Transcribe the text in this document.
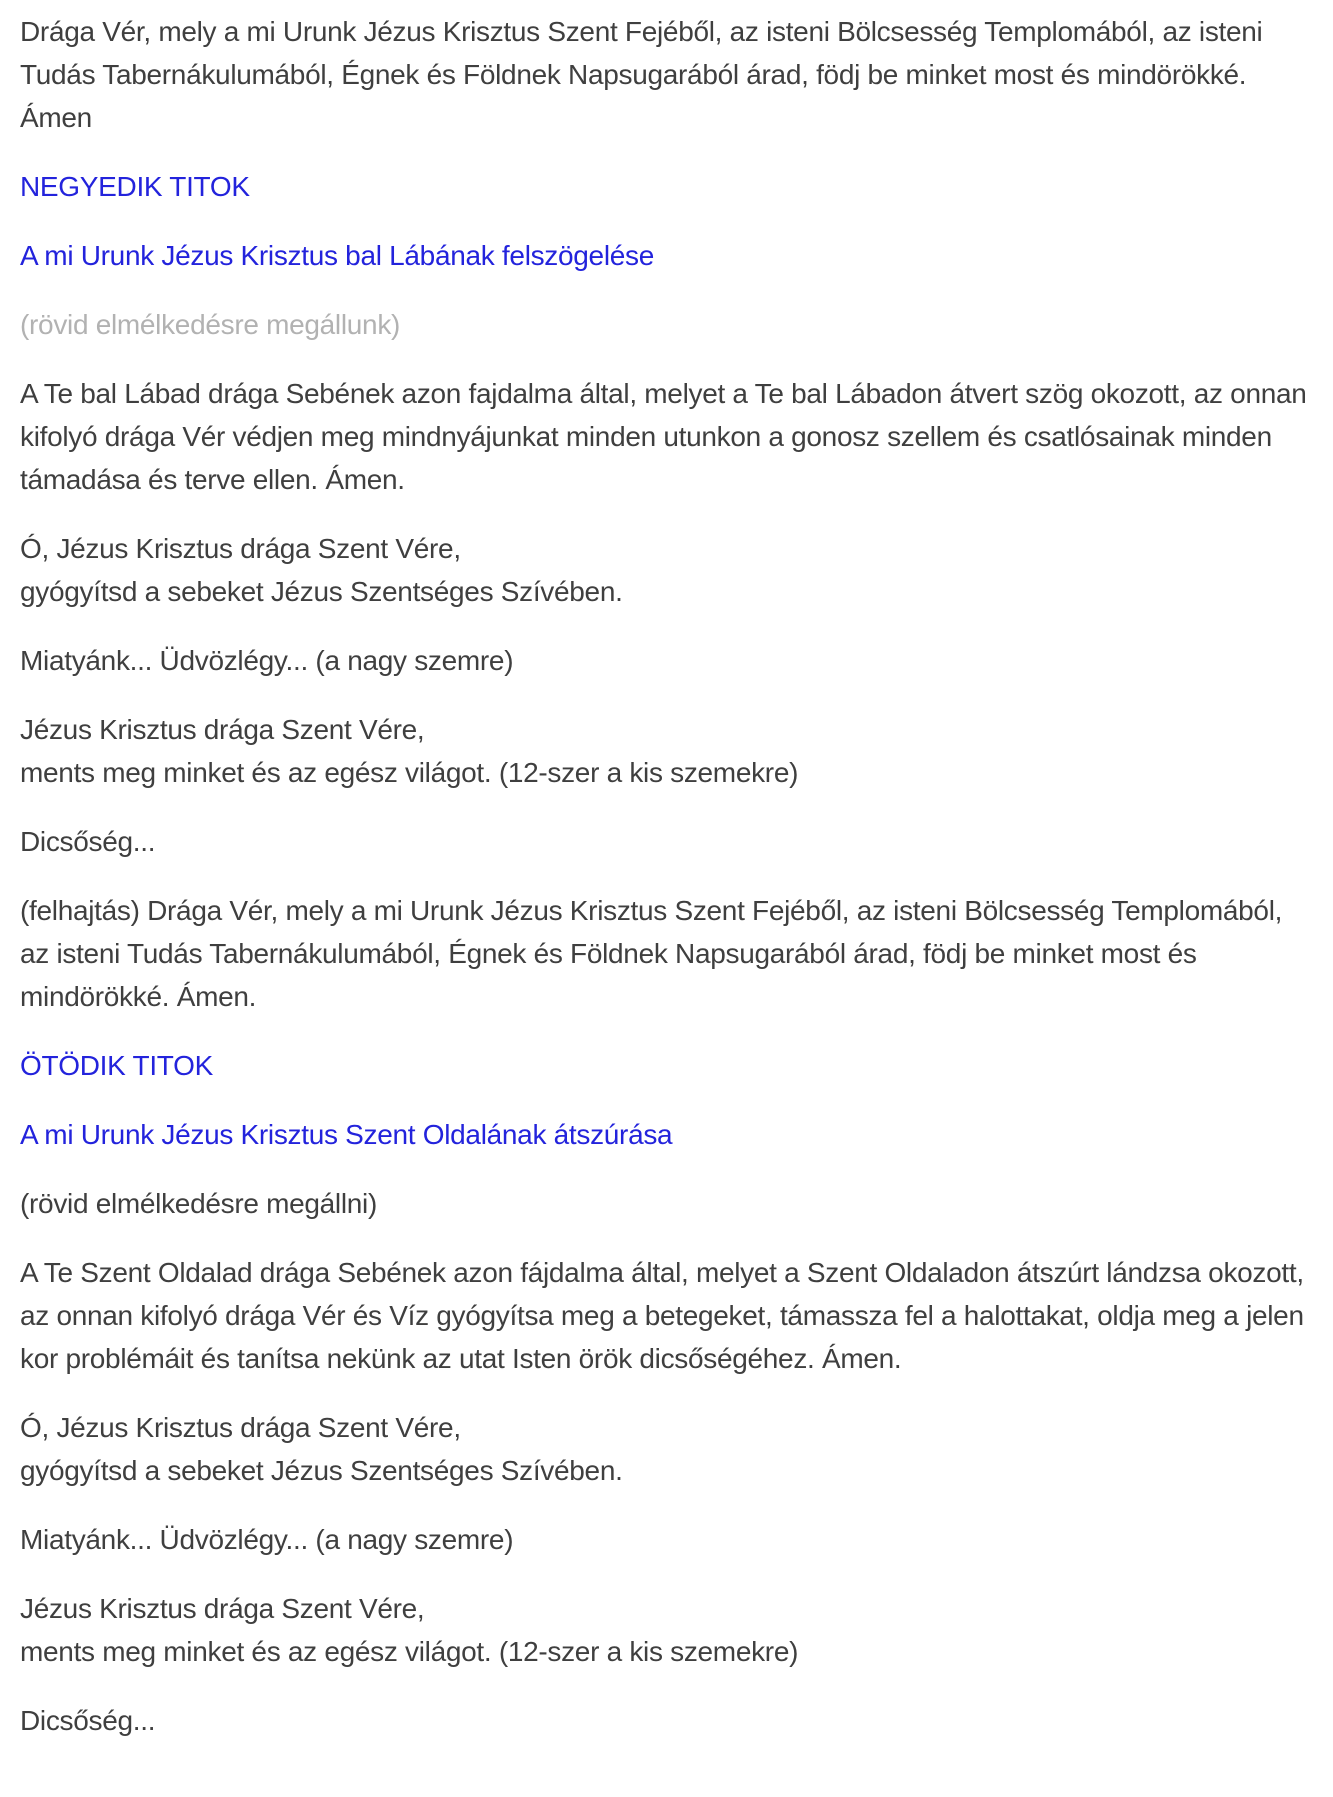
Drága Vér, mely a mi Urunk Jézus Krisztus Szent Fejéből, az isteni Bölcsesség Templomából, az isteni Tudás Tabernákulumából, Égnek és Földnek Napsugarából árad, födj be minket most és mindörökké. Ámen

NEGYEDIK TITOK
A mi Urunk Jézus Krisztus bal Lábának felszögelése

(rövid elmélkedésre megállunk)

A Te bal Lábad drága Sebének azon fajdalma által, melyet a Te bal Lábadon átvert szög okozott, az onnan kifolyó drága Vér védjen meg mindnyájunkat minden utunkon a gonosz szellem és csatlósainak minden támadása és terve ellen. Ámen.

Ó, Jézus Krisztus drága Szent Vére,
gyógyítsd a sebeket Jézus Szentséges Szívében.

Miatyánk... Üdvözlégy... (a nagy szemre)

Jézus Krisztus drága Szent Vére,
ments meg minket és az egész világot. (12-szer a kis szemekre)

Dicsőség...

(felhajtás) Drága Vér, mely a mi Urunk Jézus Krisztus Szent Fejéből, az isteni Bölcsesség Templomából, az isteni Tudás Tabernákulumából, Égnek és Földnek Napsugarából árad, födj be minket most és mindörökké. Ámen.

ÖTÖDIK TITOK
A mi Urunk Jézus Krisztus Szent Oldalának átszúrása

(rövid elmélkedésre megállni)

A Te Szent Oldalad drága Sebének azon fájdalma által, melyet a Szent Oldaladon átszúrt lándzsa okozott, az onnan kifolyó drága Vér és Víz gyógyítsa meg a betegeket, támassza fel a halottakat, oldja meg a jelen kor problémáit és tanítsa nekünk az utat Isten örök dicsőségéhez. Ámen.

Ó, Jézus Krisztus drága Szent Vére,
gyógyítsd a sebeket Jézus Szentséges Szívében.

Miatyánk... Üdvözlégy... (a nagy szemre)

Jézus Krisztus drága Szent Vére,
ments meg minket és az egész világot. (12-szer a kis szemekre)

Dicsőség...
